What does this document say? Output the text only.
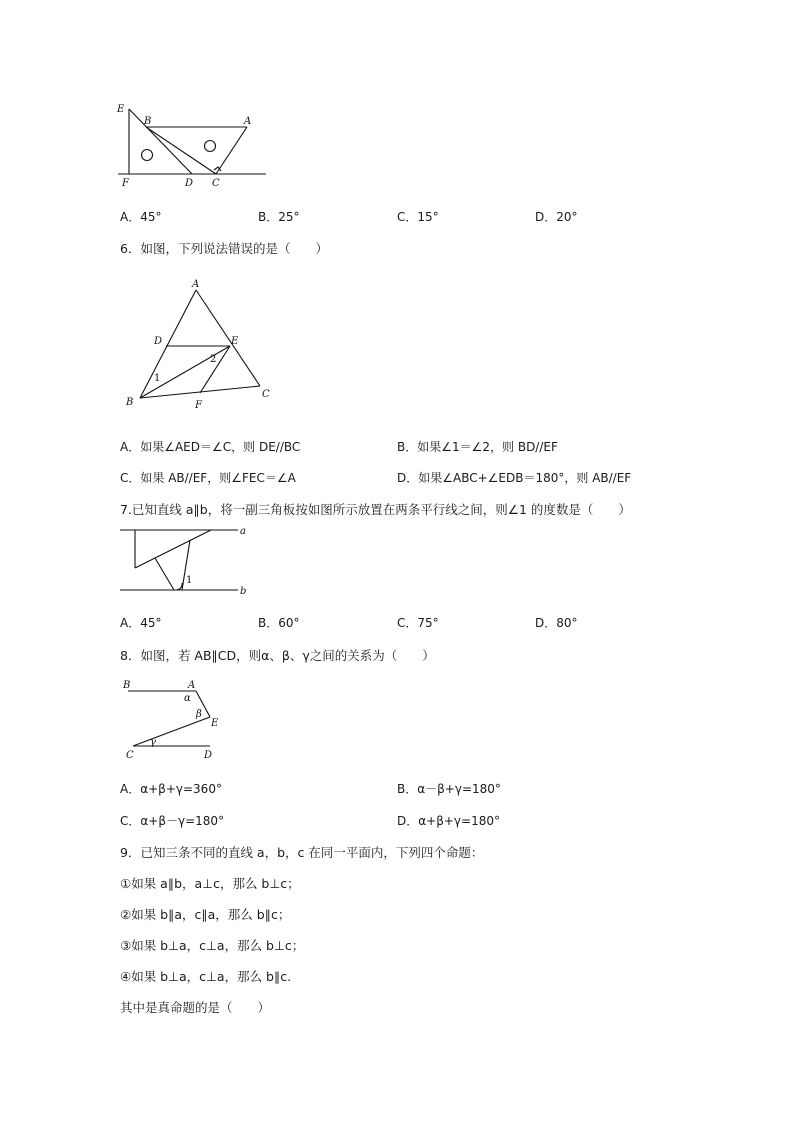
E
B	A
F	D C
A．45°	B．25°	C．15°	D．20°
6．如图，下列说法错误的是（　　）
A
D	E
B	F
C
1
2
A．如果∠AED＝∠C，则 DE//BC	B．如果∠1＝∠2，则 BD//EF
C．如果 AB//EF，则∠FEC＝∠A	D．如果∠ABC+∠EDB＝180°，则 AB//EF
7.已知直线 a∥b，将一副三角板按如图所示放置在两条平行线之间，则∠1 的度数是（　　）
a
b
1
A．45°	B．60°	C．75°	D．80°
8．如图，若 AB∥CD，则α、β、γ之间的关系为（　　）
B	A
α
β
E
C
γ
D
A．α+β+γ=360°	B．α－β+γ=180°
C．α+β－γ=180°	D．α+β+γ=180°
9．已知三条不同的直线 a，b，c 在同一平面内，下列四个命题：
①如果 a∥b，a⊥c，那么 b⊥c；
②如果 b∥a，c∥a，那么 b∥c；
③如果 b⊥a，c⊥a，那么 b⊥c；
④如果 b⊥a，c⊥a，那么 b∥c.
其中是真命题的是（　　）
